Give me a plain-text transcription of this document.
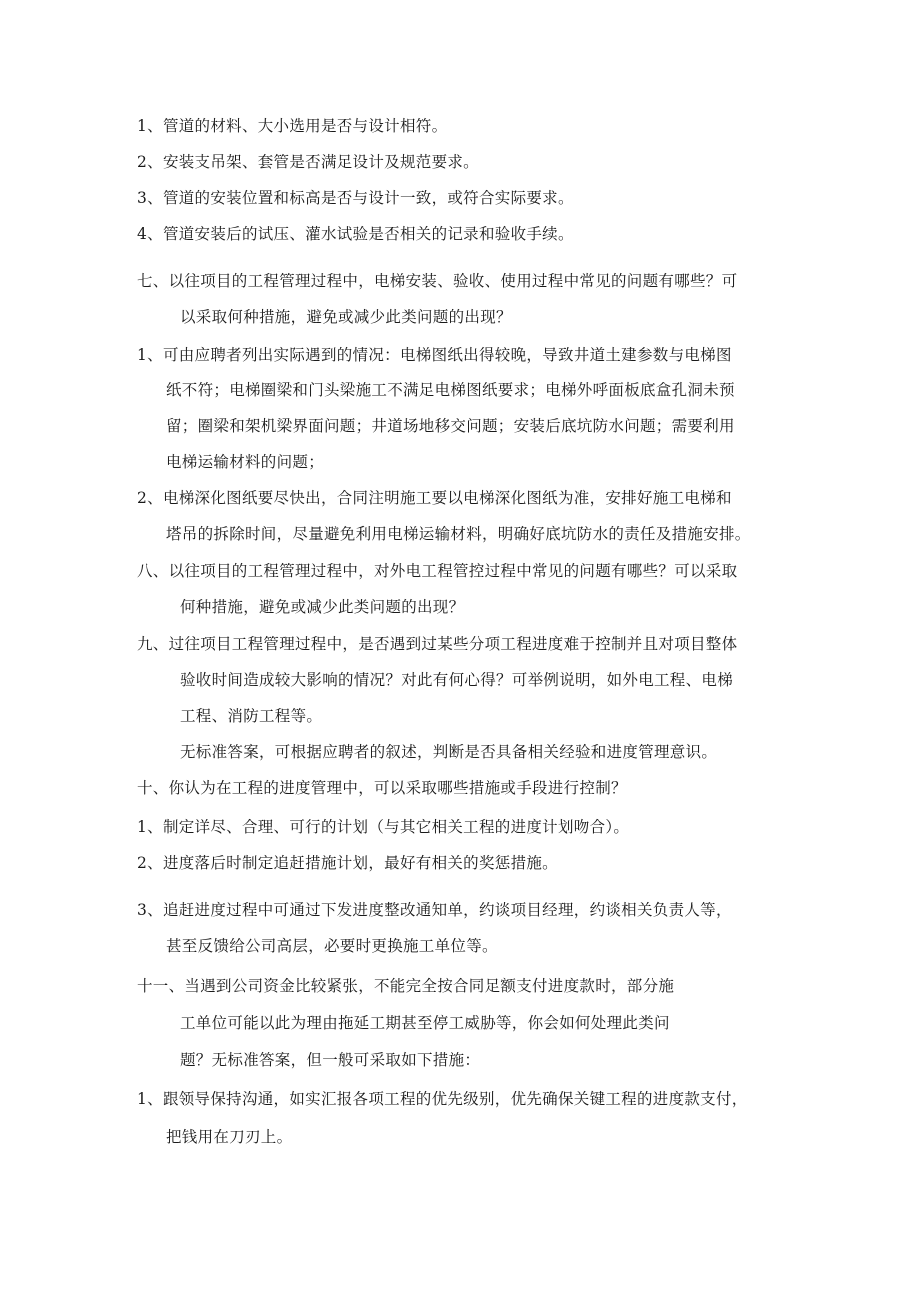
1、管道的材料、大小选用是否与设计相符。
2、安装支吊架、套管是否满足设计及规范要求。
3、管道的安装位置和标高是否与设计一致，或符合实际要求。
4、管道安装后的试压、灌水试验是否相关的记录和验收手续。
七、以往项目的工程管理过程中，电梯安装、验收、使用过程中常见的问题有哪些？可
以采取何种措施，避免或减少此类问题的出现？
1、可由应聘者列出实际遇到的情况：电梯图纸出得较晚，导致井道土建参数与电梯图
纸不符；电梯圈梁和门头梁施工不满足电梯图纸要求；电梯外呼面板底盒孔洞未预
留；圈梁和架机梁界面问题；井道场地移交问题；安装后底坑防水问题；需要利用
电梯运输材料的问题；
2、电梯深化图纸要尽快出，合同注明施工要以电梯深化图纸为准，安排好施工电梯和
塔吊的拆除时间，尽量避免利用电梯运输材料，明确好底坑防水的责任及措施安排。
八、以往项目的工程管理过程中，对外电工程管控过程中常见的问题有哪些？可以采取
何种措施，避免或减少此类问题的出现？
九、过往项目工程管理过程中，是否遇到过某些分项工程进度难于控制并且对项目整体
验收时间造成较大影响的情况？对此有何心得？可举例说明，如外电工程、电梯
工程、消防工程等。
无标准答案，可根据应聘者的叙述，判断是否具备相关经验和进度管理意识。
十、你认为在工程的进度管理中，可以采取哪些措施或手段进行控制？
1、制定详尽、合理、可行的计划（与其它相关工程的进度计划吻合）。
2、进度落后时制定追赶措施计划，最好有相关的奖惩措施。
3、追赶进度过程中可通过下发进度整改通知单，约谈项目经理，约谈相关负责人等，
甚至反馈给公司高层，必要时更换施工单位等。
十一、当遇到公司资金比较紧张，不能完全按合同足额支付进度款时，部分施
工单位可能以此为理由拖延工期甚至停工威胁等，你会如何处理此类问
题？无标准答案，但一般可采取如下措施：
1、跟领导保持沟通，如实汇报各项工程的优先级别，优先确保关键工程的进度款支付，
把钱用在刀刃上。
